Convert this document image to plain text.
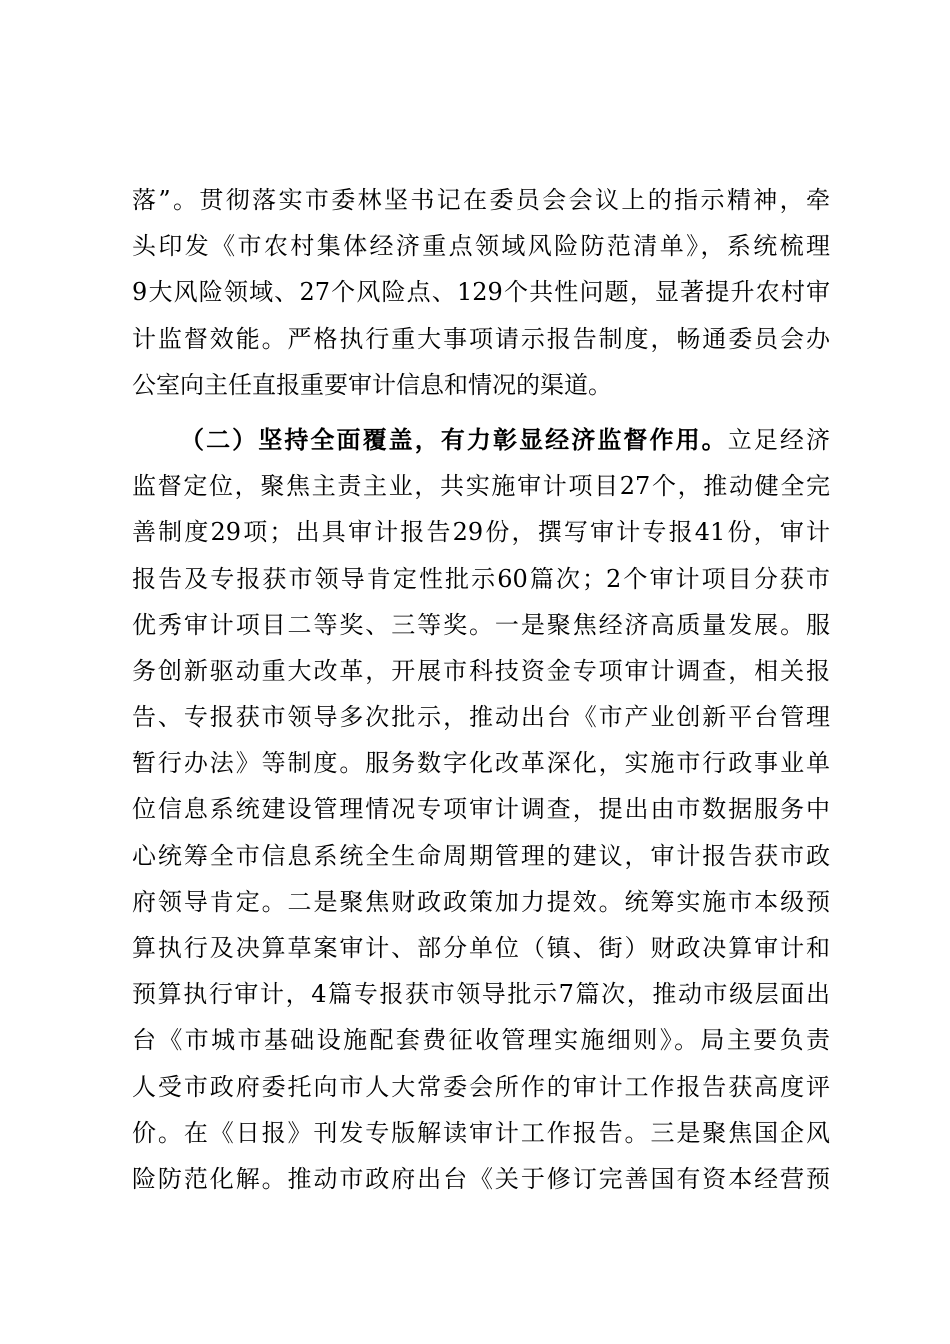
落”。贯彻落实市委林坚书记在委员会会议上的指示精神，牵
头印发《市农村集体经济重点领域风险防范清单》，系统梳理
9大风险领域、27个风险点、129个共性问题，显著提升农村审
计监督效能。严格执行重大事项请示报告制度，畅通委员会办
公室向主任直报重要审计信息和情况的渠道。
（二）坚持全面覆盖，有力彰显经济监督作用。立足经济
监督定位，聚焦主责主业，共实施审计项目27个，推动健全完
善制度29项；出具审计报告29份，撰写审计专报41份，审计
报告及专报获市领导肯定性批示60篇次；2个审计项目分获市
优秀审计项目二等奖、三等奖。一是聚焦经济高质量发展。服
务创新驱动重大改革，开展市科技资金专项审计调查，相关报
告、专报获市领导多次批示，推动出台《市产业创新平台管理
暂行办法》等制度。服务数字化改革深化，实施市行政事业单
位信息系统建设管理情况专项审计调查，提出由市数据服务中
心统筹全市信息系统全生命周期管理的建议，审计报告获市政
府领导肯定。二是聚焦财政政策加力提效。统筹实施市本级预
算执行及决算草案审计、部分单位（镇、街）财政决算审计和
预算执行审计，4篇专报获市领导批示7篇次，推动市级层面出
台《市城市基础设施配套费征收管理实施细则》。局主要负责
人受市政府委托向市人大常委会所作的审计工作报告获高度评
价。在《日报》刊发专版解读审计工作报告。三是聚焦国企风
险防范化解。推动市政府出台《关于修订完善国有资本经营预
